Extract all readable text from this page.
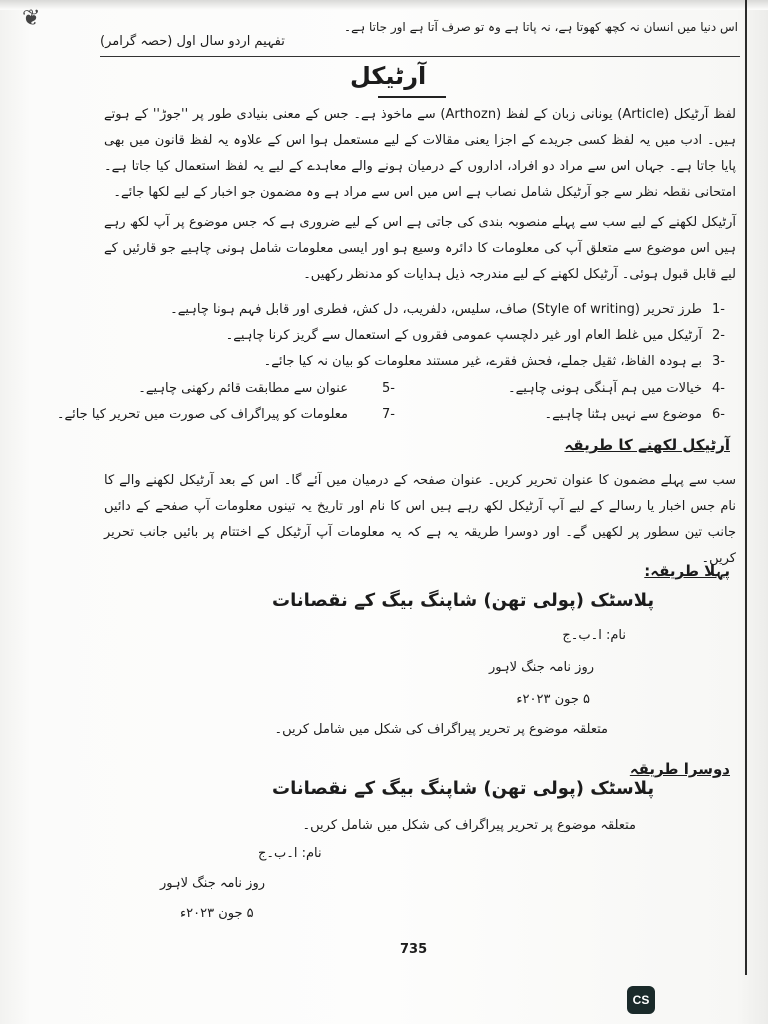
❦	اس دنیا میں انسان نہ کچھ کھوتا ہے، نہ پاتا ہے وہ تو صرف آتا ہے اور جاتا ہے۔
تفہیم اردو سال اول (حصہ گرامر)
آرٹیکل
لفظ آرٹیکل (Article) یونانی زبان کے لفظ (Arthozn) سے ماخوذ ہے۔ جس کے معنی بنیادی طور پر ''جوڑ'' کے ہوتے ہیں۔ ادب میں یہ لفظ کسی جریدے کے اجزا یعنی مقالات کے لیے مستعمل ہوا اس کے علاوہ یہ لفظ قانون میں بھی پایا جاتا ہے۔ جہاں اس سے مراد دو افراد، اداروں کے درمیان ہونے والے معاہدے کے لیے یہ لفظ استعمال کیا جاتا ہے۔ امتحانی نقطہ نظر سے جو آرٹیکل شامل نصاب ہے اس میں اس سے مراد ہے وہ مضمون جو اخبار کے لیے لکھا جائے۔
آرٹیکل لکھنے کے لیے سب سے پہلے منصوبہ بندی کی جاتی ہے اس کے لیے ضروری ہے کہ جس موضوع پر آپ لکھ رہے ہیں اس موضوع سے متعلق آپ کی معلومات کا دائرہ وسیع ہو اور ایسی معلومات شامل ہونی چاہیے جو قارئیں کے لیے قابل قبول ہوئی۔ آرٹیکل لکھنے کے لیے مندرجہ ذیل ہدایات کو مدنظر رکھیں۔
1-
طرز تحریر (Style of writing) صاف، سلیس، دلفریب، دل کش، فطری اور قابل فہم ہونا چاہیے۔
2-
آرٹیکل میں غلط العام اور غیر دلچسپ عمومی فقروں کے استعمال سے گریز کرنا چاہیے۔
3-
بے ہودہ الفاظ، ثقیل جملے، فحش فقرے، غیر مستند معلومات کو بیان نہ کیا جائے۔
4-
خیالات میں ہم آہنگی ہونی چاہیے۔
5-
عنوان سے مطابقت قائم رکھنی چاہیے۔
6-
موضوع سے نہیں ہٹنا چاہیے۔
7-
معلومات کو پیراگراف کی صورت میں تحریر کیا جائے۔
آرٹیکل لکھنے کا طریقہ
سب سے پہلے مضمون کا عنوان تحریر کریں۔ عنوان صفحہ کے درمیان میں آئے گا۔ اس کے بعد آرٹیکل لکھنے والے کا نام جس اخبار یا رسالے کے لیے آپ آرٹیکل لکھ رہے ہیں اس کا نام اور تاریخ یہ تینوں معلومات آپ صفحے کے دائیں جانب تین سطور پر لکھیں گے۔ اور دوسرا طریقہ یہ ہے کہ یہ معلومات آپ آرٹیکل کے اختتام پر بائیں جانب تحریر کریں۔
پہلا طریقہ:
پلاسٹک (پولی تھن) شاپنگ بیگ کے نقصانات
نام: ا۔ب۔ج
روز نامہ جنگ لاہور
۵ جون ۲۰۲۳ء
متعلقہ موضوع پر تحریر پیراگراف کی شکل میں شامل کریں۔
دوسرا طریقہ
پلاسٹک (پولی تھن) شاپنگ بیگ کے نقصانات
متعلقہ موضوع پر تحریر پیراگراف کی شکل میں شامل کریں۔
نام: ا۔ب۔ج
روز نامہ جنگ لاہور
۵ جون ۲۰۲۳ء
735
CS
